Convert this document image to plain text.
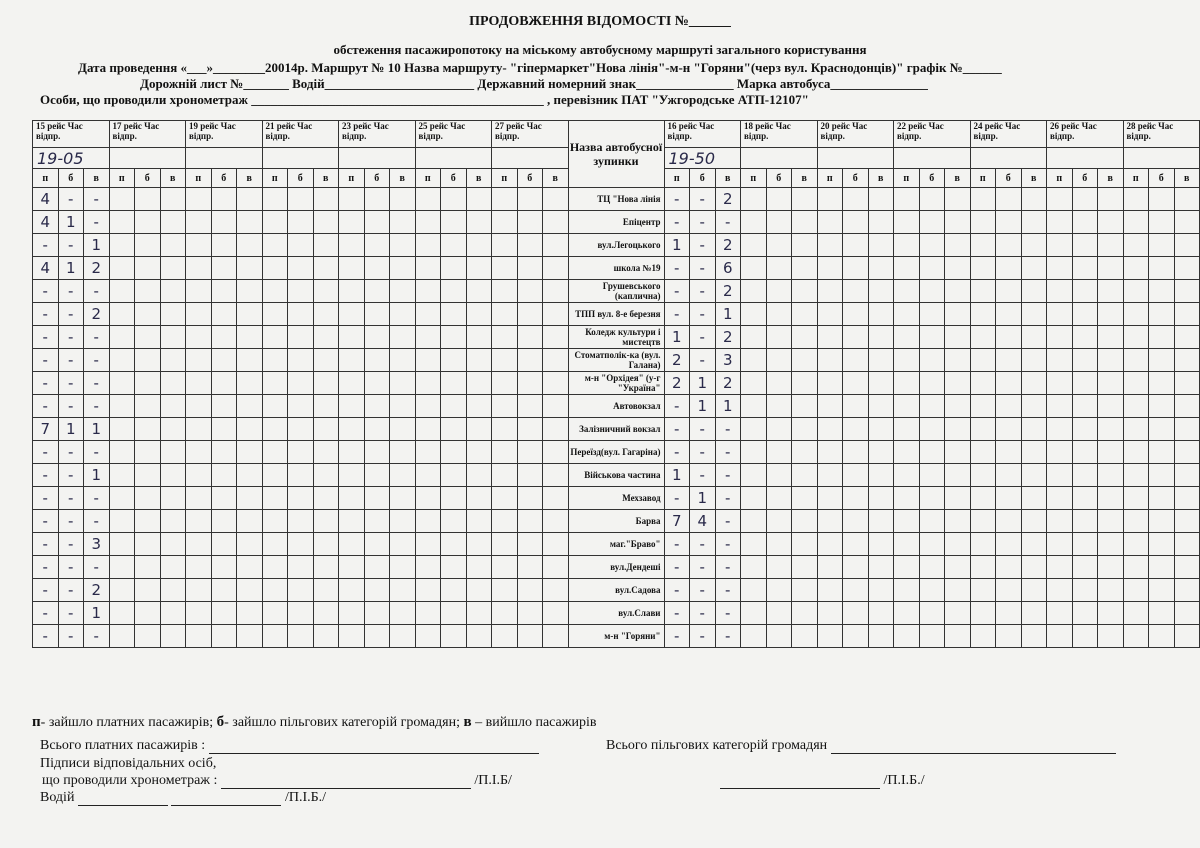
ПРОДОВЖЕННЯ ВІДОМОСТІ №______
обстеження пасажиропотоку на міському автобусному маршруті загального користування
Дата проведення «___»________20014р. Маршрут № 10 Назва маршруту- "гіпермаркет"Нова лінія"-м-н "Горяни"(черз вул. Краснодонців)" графік №______
Дорожній лист №_______ Водій_______________________ Державний номерний знак_______________ Марка автобуса_______________
Особи, що проводили хронометраж _____________________________________________ , перевізник ПАТ "Ужгородське АТП-12107"
15 рейс Час відпр.			17 рейс Час відпр.			19 рейс Час відпр.			21 рейс Час відпр.			23 рейс Час відпр.			25 рейс Час відпр.			27 рейс Час відпр.			Назва автобусної зупинки	16 рейс Час відпр.			18 рейс Час відпр.			20 рейс Час відпр.			22 рейс Час відпр.			24 рейс Час відпр.			26 рейс Час відпр.			28 рейс Час відпр.		
19-05																						19-50																				
п	б	в	п	б	в	п	б	в	п	б	в	п	б	в	п	б	в	п	б	в		п	б	в	п	б	в	п	б	в	п	б	в	п	б	в	п	б	в	п	б	в
4	-	-																			ТЦ "Нова лінія	-	-	2																		
4	1	-																			Епіцентр	-	-	-																		
-	-	1																			вул.Легоцького	1	-	2																		
4	1	2																			школа №19	-	-	6																		
-	-	-																			Грушевського (каплична)	-	-	2																		
-	-	2																			ТПП вул. 8-е березня	-	-	1																		
-	-	-																			Коледж культури і мистецтв	1	-	2																		
-	-	-																			Стоматполік-ка (вул. Галана)	2	-	3																		
-	-	-																			м-н "Орхідея" (у-г "Україна"	2	1	2																		
-	-	-																			Автовокзал	-	1	1																		
7	1	1																			Залізничний вокзал	-	-	-																		
-	-	-																			Переїзд(вул. Гагаріна)	-	-	-																		
-	-	1																			Військова частина	1	-	-																		
-	-	-																			Мехзавод	-	1	-																		
-	-	-																			Барва	7	4	-																		
-	-	3																			маг."Браво"	-	-	-																		
-	-	-																			вул.Дендеші	-	-	-																		
-	-	2																			вул.Садова	-	-	-																		
-	-	1																			вул.Слави	-	-	-																		
-	-	-																			м-н "Горяни"	-	-	-																		
п- зайшло платних пасажирів; б- зайшло пільгових категорій громадян; в – вийшло пасажирів
Всього платних пасажирів :	Всього пільгових категорій громадян
Підписи відповідальних осіб,
що проводили хронометраж :	/П.І.Б/	/П.І.Б./
Водій	/П.І.Б./
